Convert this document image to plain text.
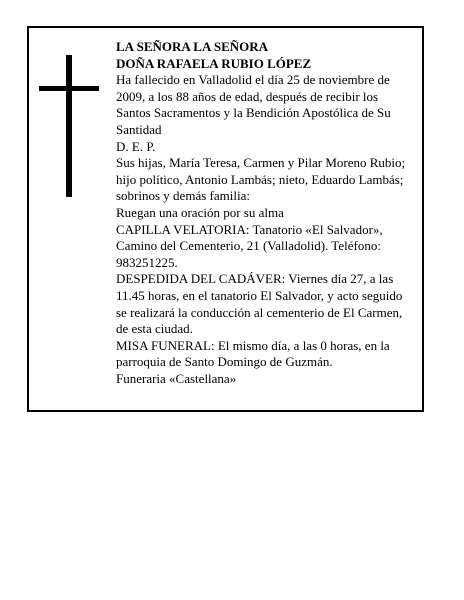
LA SEÑORA LA SEÑORA
DOÑA RAFAELA RUBIO LÓPEZ
Ha fallecido en Valladolid el día 25 de noviembre de 2009, a los 88 años de edad, después de recibir los Santos Sacramentos y la Bendición Apostólica de Su Santidad
D. E. P.
Sus hijas, María Teresa, Carmen y Pilar Moreno Rubio; hijo político, Antonio Lambás; nieto, Eduardo Lambás; sobrinos y demás familia:
Ruegan una oración por su alma
CAPILLA VELATORIA: Tanatorio «El Salvador», Camino del Cementerio, 21 (Valladolid). Teléfono: 983251225.
DESPEDIDA DEL CADÁVER: Viernes día 27, a las 11.45 horas, en el tanatorio El Salvador, y acto seguido se realizará la conducción al cementerio de El Carmen, de esta ciudad.
MISA FUNERAL: El mismo día, a las 0 horas, en la parroquia de Santo Domingo de Guzmán.
Funeraria «Castellana»
